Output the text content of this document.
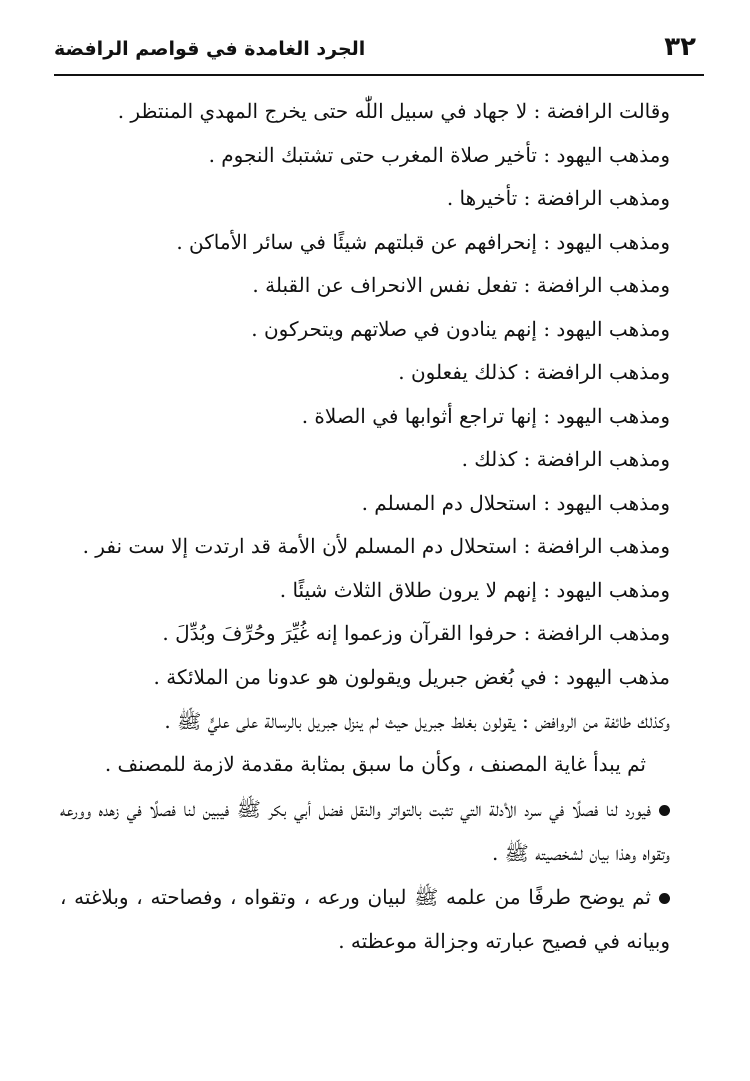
٣٢
الجرد الغامدة في قواصم الرافضة
وقالت الرافضة : لا جهاد في سبيل اللّٰه حتى يخرج المهدي المنتظر .
ومذهب اليهود : تأخير صلاة المغرب حتى تشتبك النجوم .
ومذهب الرافضة : تأخيرها .
ومذهب اليهود : إنحرافهم عن قبلتهم شيئًا في سائر الأماكن .
ومذهب الرافضة : تفعل نفس الانحراف عن القبلة .
ومذهب اليهود : إنهم ينادون في صلاتهم ويتحركون .
ومذهب الرافضة : كذلك يفعلون .
ومذهب اليهود : إنها تراجع أثوابها في الصلاة .
ومذهب الرافضة : كذلك .
ومذهب اليهود : استحلال دم المسلم .
ومذهب الرافضة : استحلال دم المسلم لأن الأمة قد ارتدت إلا ست نفر .
ومذهب اليهود : إنهم لا يرون طلاق الثلاث شيئًا .
ومذهب الرافضة : حرفوا القرآن وزعموا إنه غُيِّرَ وحُرِّفَ وبُدِّلَ .
مذهب اليهود : في بُغض جبريل ويقولون هو عدونا من الملائكة .
وكذلك طائفة من الروافض : يقولون بغلط جبريل حيث لم ينزل جبريل بالرسالة على عليٍّ ﷺ .
ثم يبدأ غاية المصنف ، وكأن ما سبق بمثابة مقدمة لازمة للمصنف .
فيورد لنا فصلًا في سرد الأدلة التي تثبت بالتواتر والنقل فضل أبي بكر ﷺ فيبين لنا فصلًا في زهده وورعه وتقواه وهذا بيان لشخصيته ﷺ .
ثم يوضح طرفًا من علمه ﷺ لبيان ورعه ، وتقواه ، وفصاحته ، وبلاغته ، وبيانه في فصيح عبارته وجزالة موعظته .
